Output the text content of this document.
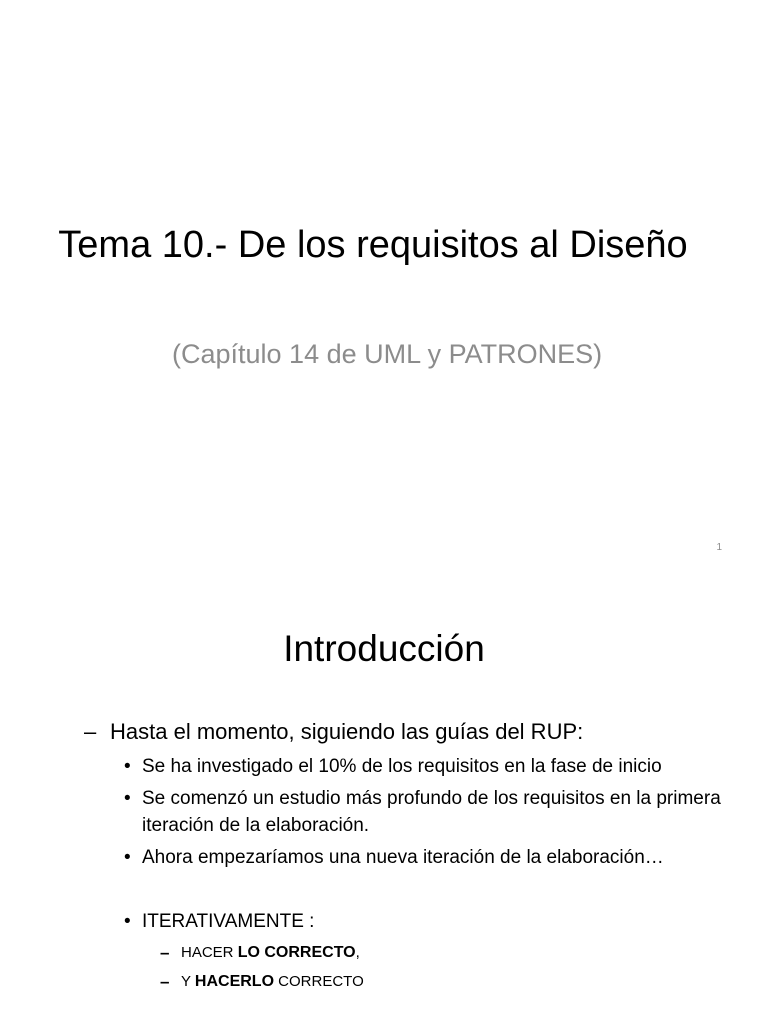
Tema 10.- De los requisitos al Diseño
(Capítulo 14 de UML y PATRONES)
1
Introducción
– Hasta el momento, siguiendo las guías del RUP:
• Se ha investigado el 10% de los requisitos en la fase de inicio
• Se comenzó un estudio más profundo de los requisitos en la primera iteración de la elaboración.
• Ahora empezaríamos una nueva iteración de la elaboración…
• ITERATIVAMENTE :
– HACER LO CORRECTO,
– Y HACERLO CORRECTO
